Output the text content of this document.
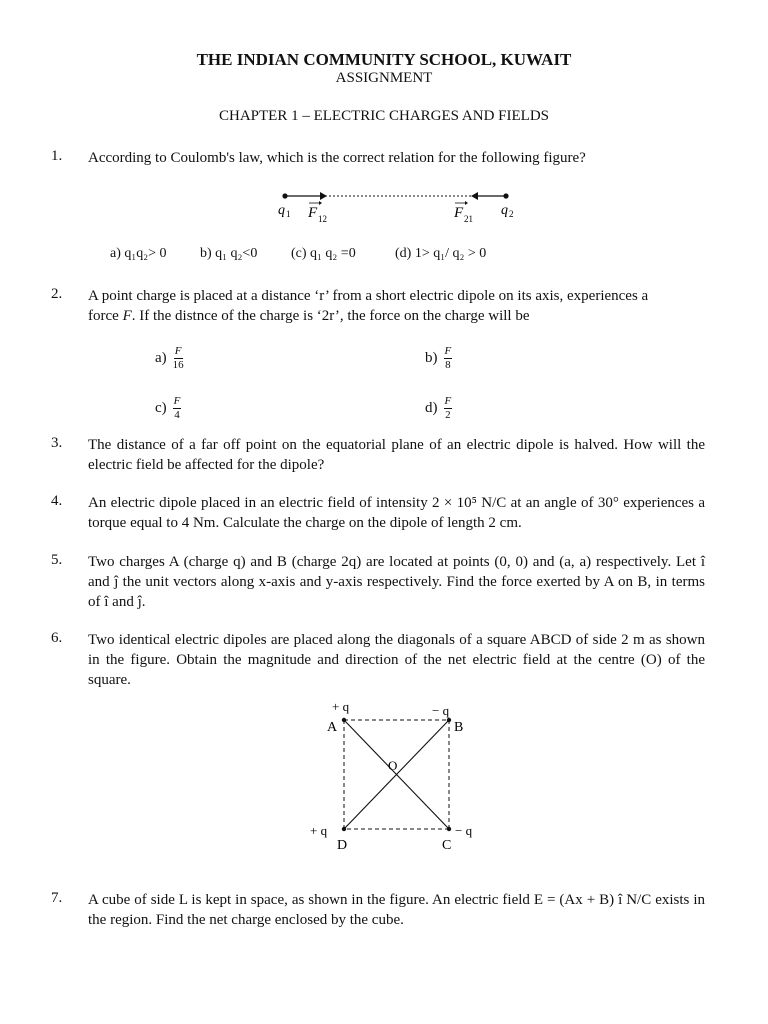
THE INDIAN COMMUNITY SCHOOL, KUWAIT
ASSIGNMENT
CHAPTER 1 – ELECTRIC CHARGES AND FIELDS
1. According to Coulomb's law, which is the correct relation for the following figure?
q 1 F 12	F 21
q 2
a) q₁q₂> 0 b) q₁ q₂<0 (c) q₁ q₂ =0	(d) 1> q₁/ q₂ > 0
2. A point charge is placed at a distance ‘r’ from a short electric dipole on its axis, experiences a
force F. If the distnce of the charge is ‘2r’, the force on the charge will be
$a) \frac{F}{16}$	$b) \frac{F}{8}$
$c) \frac{F}{4}$	$d) \frac{F}{2}$
3. The distance of a far off point on the equatorial plane of an electric dipole is halved. How will the electric field be affected for the dipole?
4. An electric dipole placed in an electric field of intensity 2 × 10⁵ N/C at an angle of 30° experiences a torque equal to 4 Nm. Calculate the charge on the dipole of length 2 cm.
5. Two charges A (charge q) and B (charge 2q) are located at points (0, 0) and (a, a) respectively. Let î and ĵ the unit vectors along x-axis and y-axis respectively. Find the force exerted by A on B, in terms of î and ĵ.
6. Two identical electric dipoles are placed along the diagonals of a square ABCD of side 2 m as shown in the figure. Obtain the magnitude and direction of the net electric field at the centre (O) of the square.
+ q	− q
A	B
O
+ q	− q
D	C
7. A cube of side L is kept in space, as shown in the figure. An electric field E = (Ax + B) î N/C exists in the region. Find the net charge enclosed by the cube.
